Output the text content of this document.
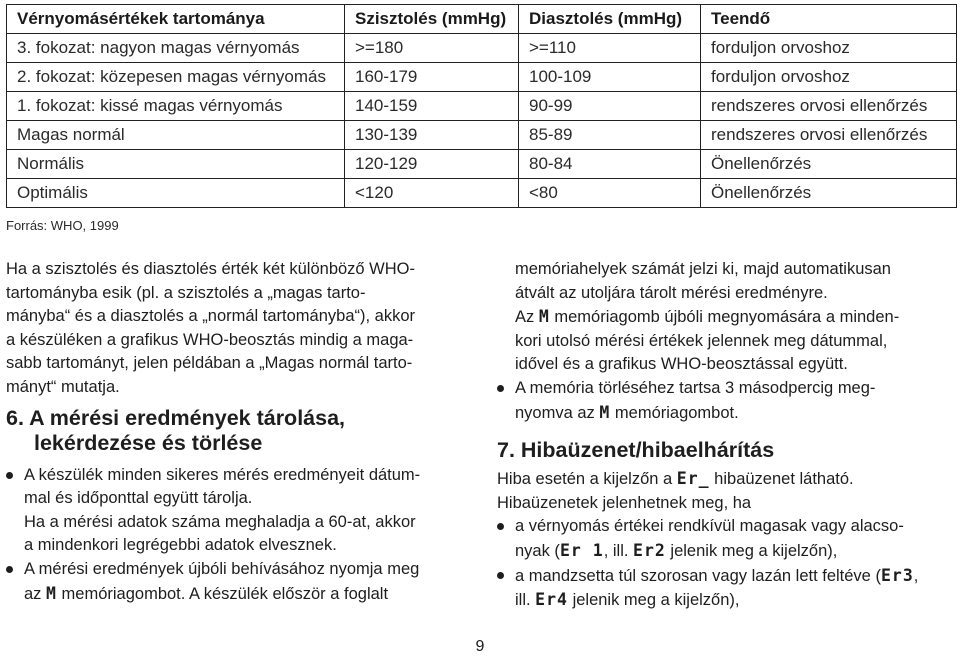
Vérnyomásértékek tartománya	Szisztolés (mmHg)	Diasztolés (mmHg)	Teendő
3. fokozat: nagyon magas vérnyomás	>=180	>=110	forduljon orvoshoz
2. fokozat: közepesen magas vérnyomás	160-179	100-109	forduljon orvoshoz
1. fokozat: kissé magas vérnyomás	140-159	90-99	rendszeres orvosi ellenőrzés
Magas normál	130-139	85-89	rendszeres orvosi ellenőrzés
Normális	120-129	80-84	Önellenőrzés
Optimális	<120	<80	Önellenőrzés
Forrás: WHO, 1999

Ha a szisztolés és diasztolés érték két különböző WHO-

tartományba esik (pl. a szisztolés a „magas tarto-

mányba“ és a diasztolés a „normál tartományba“), akkor

a készüléken a grafikus WHO-beosztás mindig a maga-

sabb tartományt, jelen példában a „Magas normál tarto-

mányt“ mutatja.

6. A mérési eredmények tárolása,
lekérdezése és törlése
A készülék minden sikeres mérés eredményeit dátum-
mal és időponttal együtt tárolja.
Ha a mérési adatok száma meghaladja a 60-at, akkor
a mindenkori legrégebbi adatok elvesznek.
A mérési eredmények újbóli behívásához nyomja meg
az M memóriagombot. A készülék először a foglalt
memóriahelyek számát jelzi ki, majd automatikusan
átvált az utoljára tárolt mérési eredményre.
Az M memóriagomb újbóli megnyomására a minden-
kori utolsó mérési értékek jelennek meg dátummal,
idővel és a grafikus WHO-beosztással együtt.
A memória törléséhez tartsa 3 másodpercig meg-
nyomva az M memóriagombot.
7. Hibaüzenet/hibaelhárítás

Hiba esetén a kijelzőn a Er_ hibaüzenet látható.

Hibaüzenetek jelenhetnek meg, ha

a vérnyomás értékei rendkívül magasak vagy alacso-
nyak (Er 1, ill. Er2 jelenik meg a kijelzőn),
a mandzsetta túl szorosan vagy lazán lett feltéve (Er3,
ill. Er4 jelenik meg a kijelzőn),
9
